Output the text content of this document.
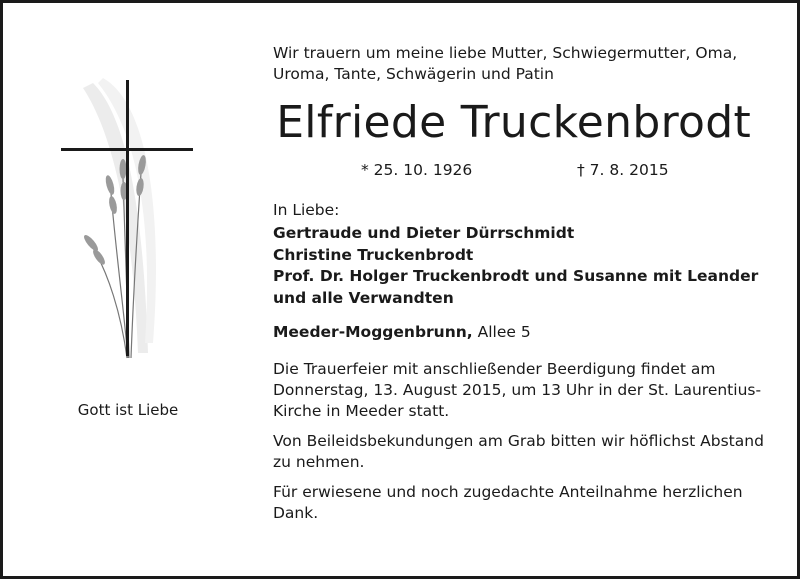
Gott ist Liebe

Wir trauern um meine liebe Mutter, Schwiegermutter, Oma, Uroma, Tante, Schwägerin und Patin

Elfriede Truckenbrodt
* 25. 10. 1926	† 7. 8. 2015
In Liebe:
Gertraude und Dieter Dürrschmidt
Christine Truckenbrodt
Prof. Dr. Holger Truckenbrodt und Susanne mit Leander
und alle Verwandten
Meeder-Moggenbrunn, Allee 5

Die Trauerfeier mit anschließender Beerdigung findet am Donnerstag, 13. August 2015, um 13 Uhr in der St. Laurentius-Kirche in Meeder statt.

Von Beileidsbekundungen am Grab bitten wir höflichst Abstand zu nehmen.

Für erwiesene und noch zugedachte Anteilnahme herzlichen Dank.
